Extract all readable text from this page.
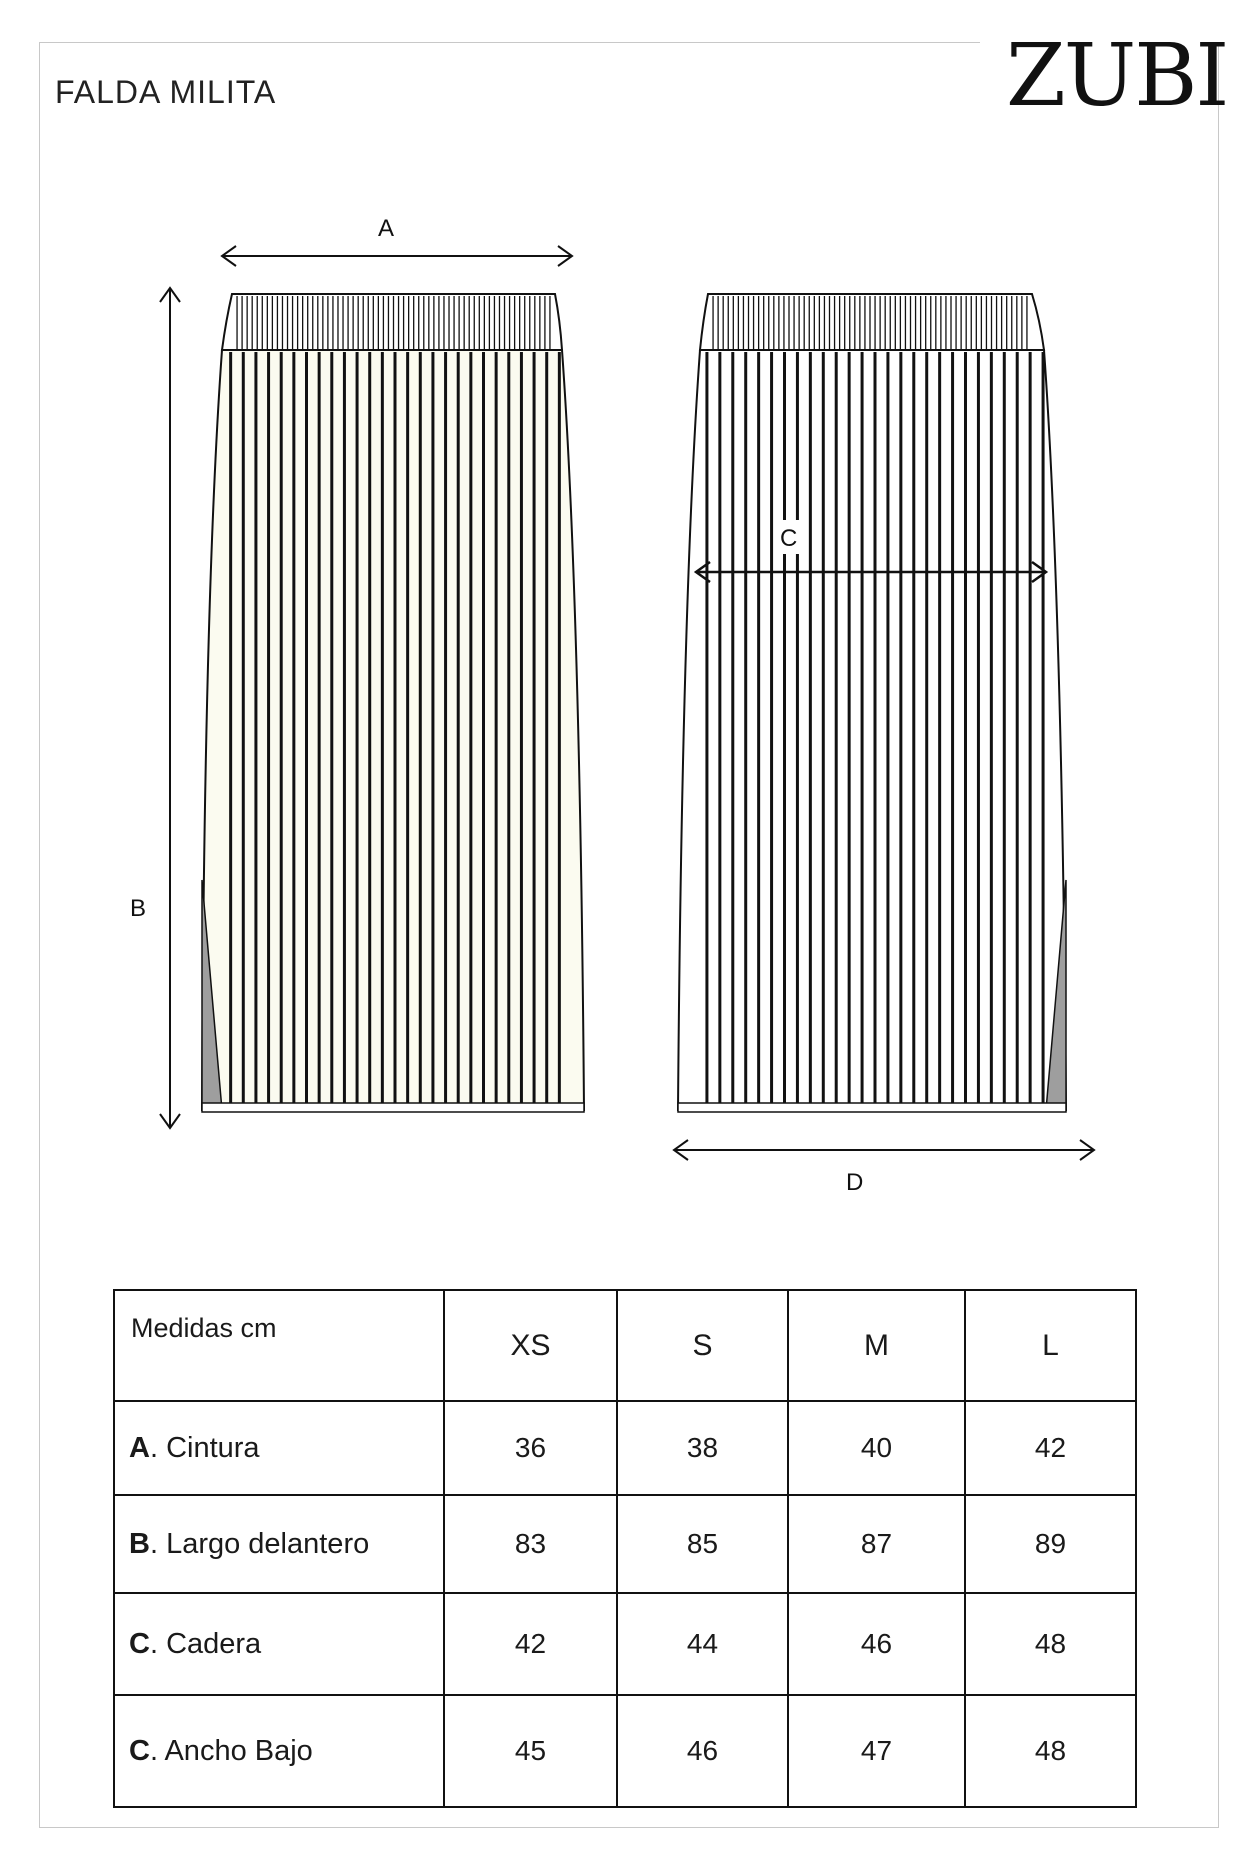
FALDA MILITA	ZUBI
A
B
C
D
Medidas cm	XS	S	M	L
A. Cintura	36	38	40	42
B. Largo delantero	83	85	87	89
C. Cadera	42	44	46	48
C. Ancho Bajo	45	46	47	48
